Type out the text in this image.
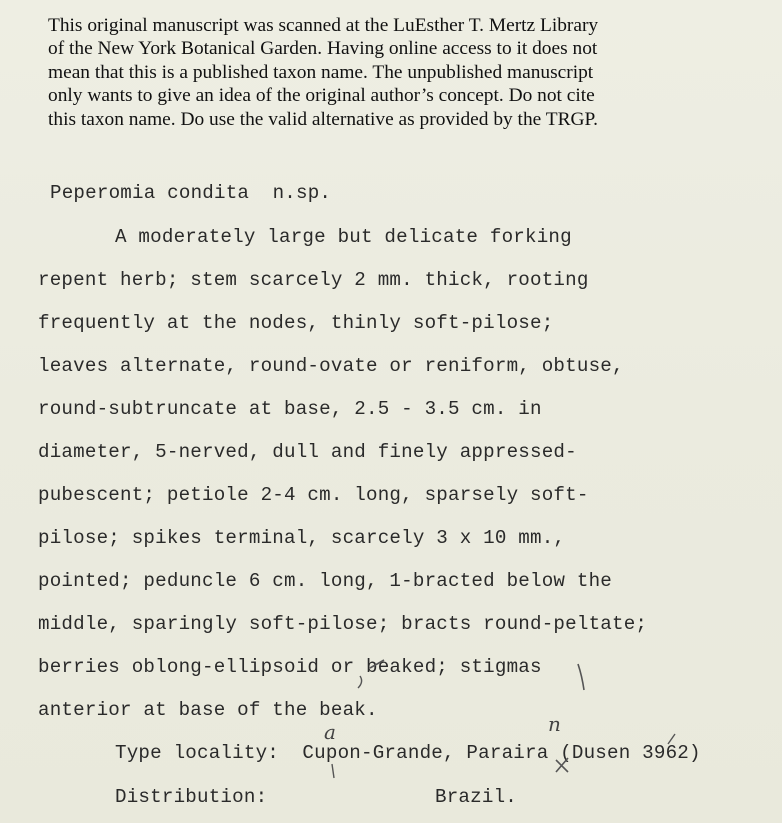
This original manuscript was scanned at the LuEsther T. Mertz Library
of the New York Botanical Garden. Having online access to it does not
mean that this is a published taxon name. The unpublished manuscript
only wants to give an idea of the original author’s concept. Do not cite
this taxon name. Do use the valid alternative as provided by the TRGP.
Peperomia condita  n.sp.
A moderately large but delicate forking
repent herb; stem scarcely 2 mm. thick, rooting
frequently at the nodes, thinly soft-pilose;
leaves alternate, round-ovate or reniform, obtuse,
round-subtruncate at base, 2.5 - 3.5 cm. in
diameter, 5-nerved, dull and finely appressed-
pubescent; petiole 2-4 cm. long, sparsely soft-
pilose; spikes terminal, scarcely 3 x 10 mm.,
pointed; peduncle 6 cm. long, 1-bracted below the
middle, sparingly soft-pilose; bracts round-peltate;
berries oblong-ellipsoid or beaked; stigmas
anterior at base of the beak.
Type locality:  Cupon-Grande, Paraira (Dusen 3962)
Distribution:	Brazil.
a	n
